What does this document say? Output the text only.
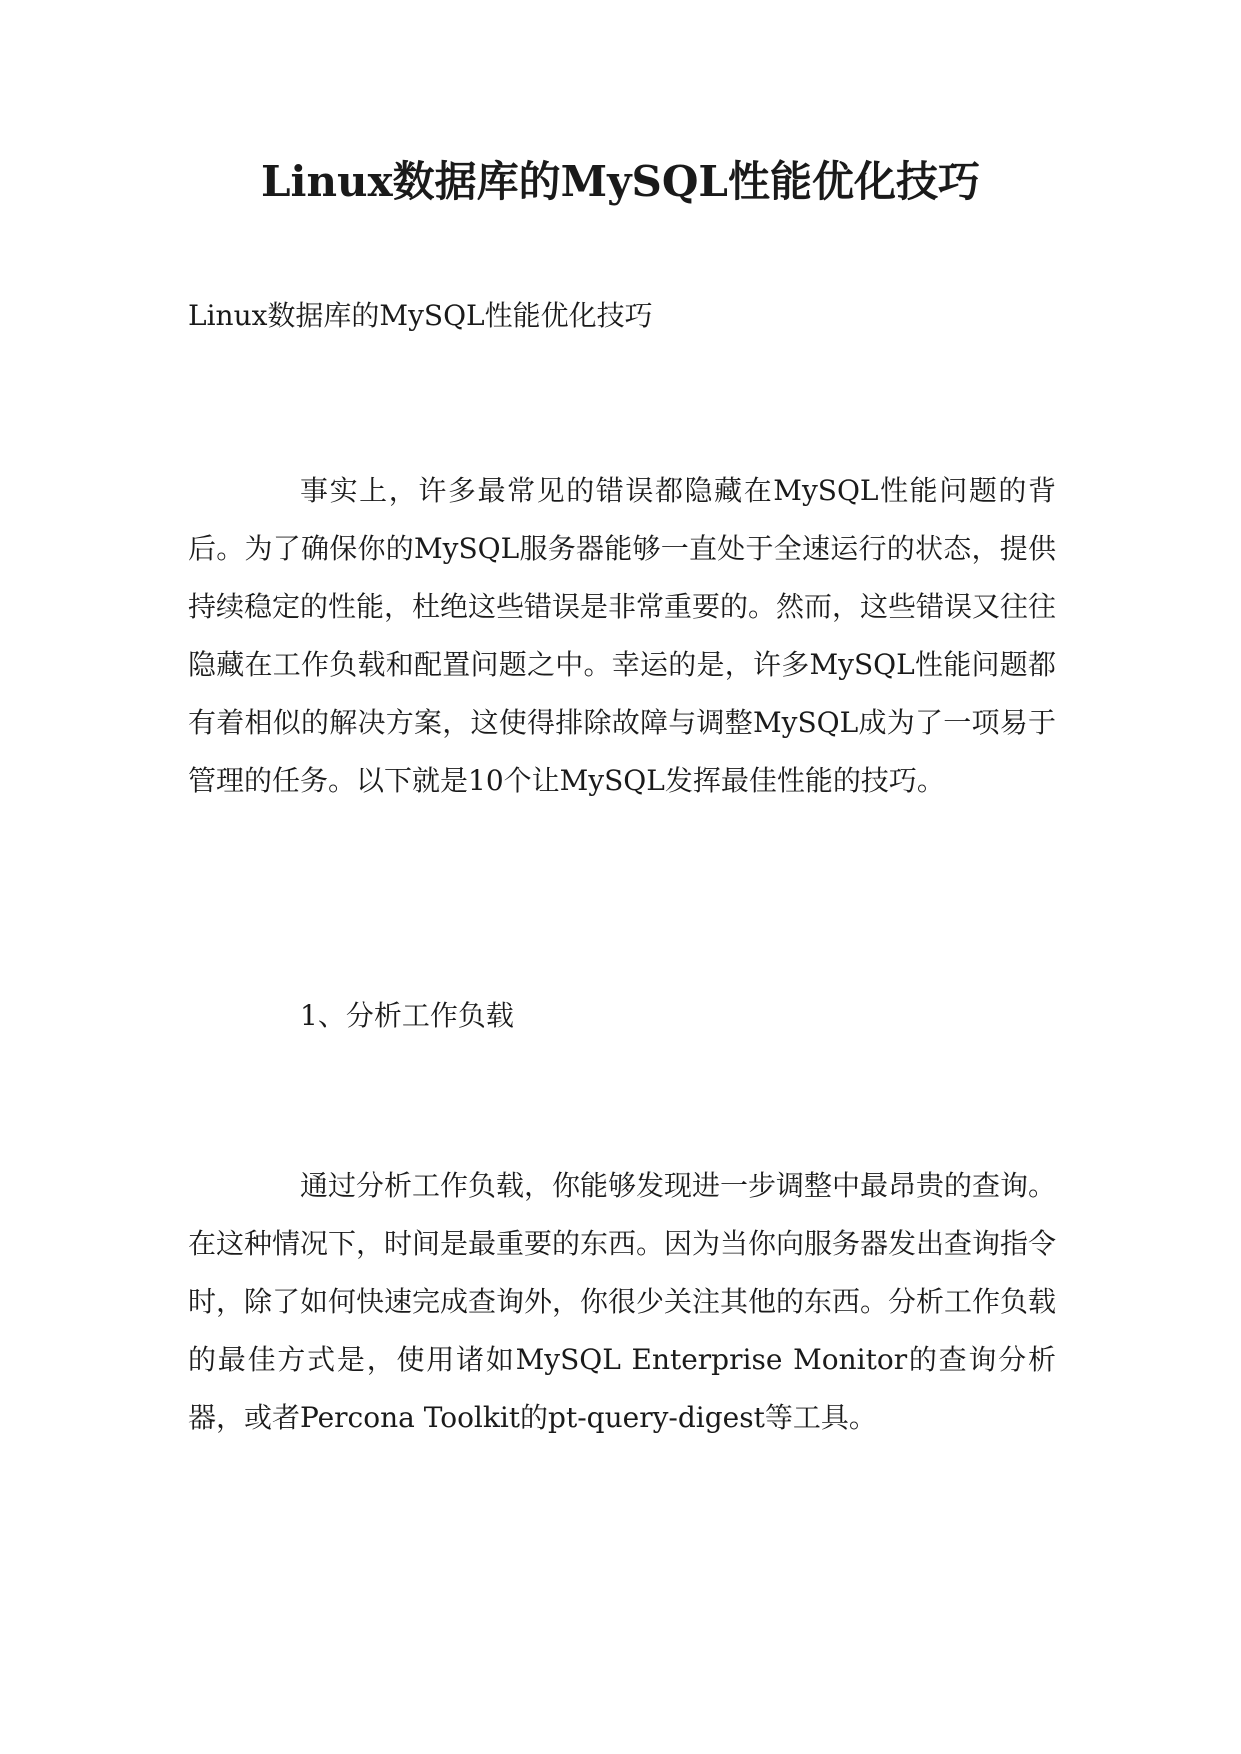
Linux数据库的MySQL性能优化技巧

Linux数据库的MySQL性能优化技巧

事实上，许多最常见的错误都隐藏在MySQL性能问题的背后。为了确保你的MySQL服务器能够一直处于全速运行的状态，提供持续稳定的性能，杜绝这些错误是非常重要的。然而，这些错误又往往隐藏在工作负载和配置问题之中。幸运的是，许多MySQL性能问题都有着相似的解决方案，这使得排除故障与调整MySQL成为了一项易于管理的任务。以下就是10个让MySQL发挥最佳性能的技巧。

1、分析工作负载

通过分析工作负载，你能够发现进一步调整中最昂贵的查询。在这种情况下，时间是最重要的东西。因为当你向服务器发出查询指令时，除了如何快速完成查询外，你很少关注其他的东西。分析工作负载的最佳方式是，使用诸如MySQL Enterprise Monitor的查询分析器，或者Percona Toolkit的pt-query-digest等工具。
